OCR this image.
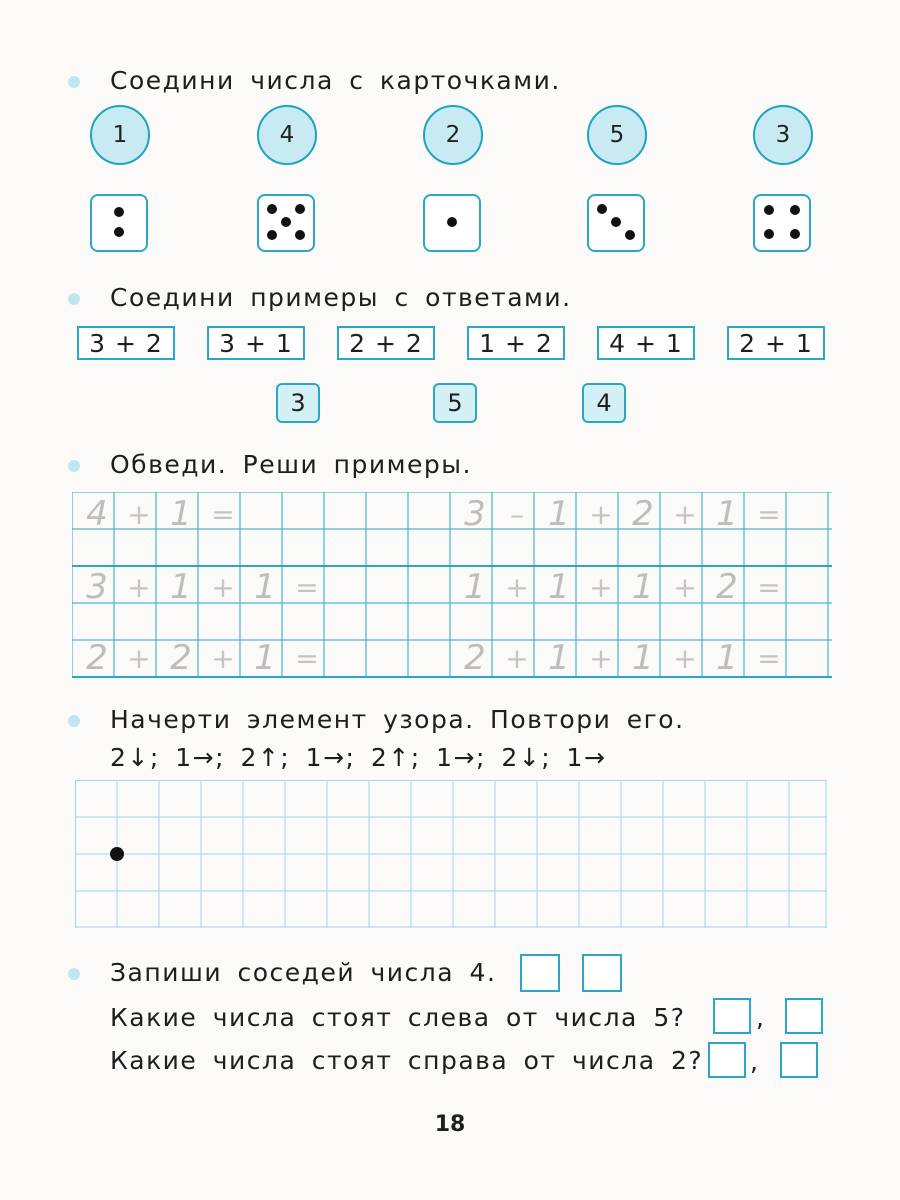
Соедини числа с карточками.
1	4	2	5	3
Соедини примеры с ответами.
3 + 2	3 + 1	2 + 2	1 + 2	4 + 1	2 + 1
3	5	4
Обведи. Реши примеры.
4 + 1 =	3 – 1 + 2 + 1 =
3 + 1 + 1 =	1 + 1 + 1 + 2 =
2 + 2 + 1 =	2 + 1 + 1 + 1 =
Начерти элемент узора. Повтори его.
2↓; 1→; 2↑; 1→; 2↑; 1→; 2↓; 1→
Запиши соседей числа 4.
Какие числа стоят слева от числа 5?	,
Какие числа стоят справа от числа 2? ,
18
